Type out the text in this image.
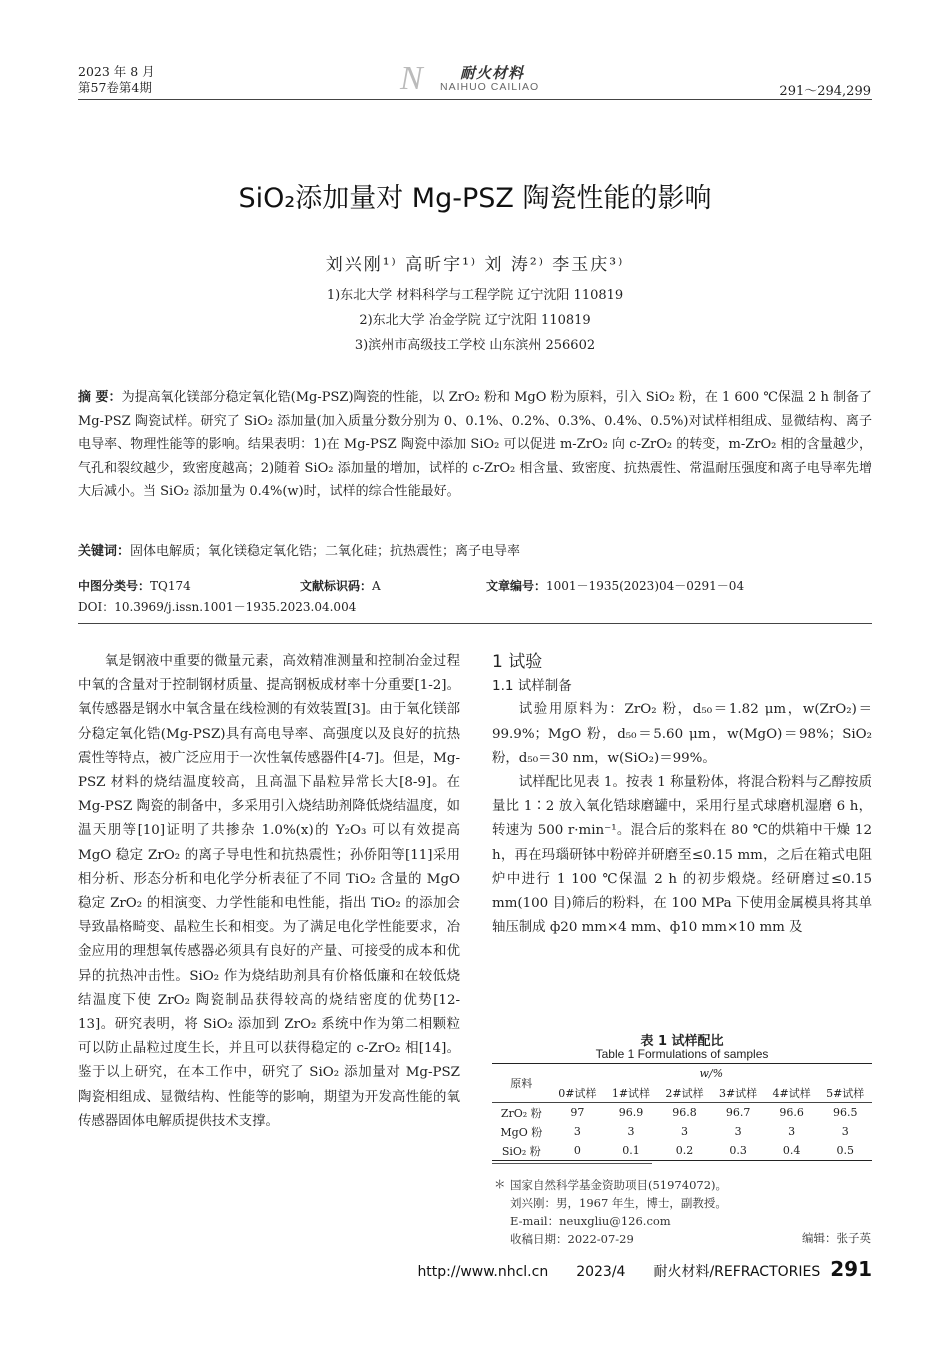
2023 年 8 月
第57卷第4期	N 耐火材料
NAIHUO CAILIAO	291～294,299
SiO₂添加量对 Mg-PSZ 陶瓷性能的影响
刘兴刚¹⁾ 高昕宇¹⁾ 刘 涛²⁾ 李玉庆³⁾
1)东北大学 材料科学与工程学院 辽宁沈阳 110819
2)东北大学 冶金学院 辽宁沈阳 110819
3)滨州市高级技工学校 山东滨州 256602
摘 要：为提高氧化镁部分稳定氧化锆(Mg-PSZ)陶瓷的性能，以 ZrO₂ 粉和 MgO 粉为原料，引入 SiO₂ 粉，在 1 600 ℃保温 2 h 制备了 Mg-PSZ 陶瓷试样。研究了 SiO₂ 添加量(加入质量分数分别为 0、0.1%、0.2%、0.3%、0.4%、0.5%)对试样相组成、显微结构、离子电导率、物理性能等的影响。结果表明：1)在 Mg-PSZ 陶瓷中添加 SiO₂ 可以促进 m-ZrO₂ 向 c-ZrO₂ 的转变，m-ZrO₂ 相的含量越少，气孔和裂纹越少，致密度越高；2)随着 SiO₂ 添加量的增加，试样的 c-ZrO₂ 相含量、致密度、抗热震性、常温耐压强度和离子电导率先增大后减小。当 SiO₂ 添加量为 0.4%(w)时，试样的综合性能最好。
关键词：固体电解质；氧化镁稳定氧化锆；二氧化硅；抗热震性；离子电导率
中图分类号：TQ174	文献标识码：A	文章编号：1001－1935(2023)04－0291－04
DOI：10.3969/j.issn.1001－1935.2023.04.004

氧是钢液中重要的微量元素，高效精准测量和控制冶金过程中氧的含量对于控制钢材质量、提高钢板成材率十分重要[1-2]。氧传感器是钢水中氧含量在线检测的有效装置[3]。由于氧化镁部分稳定氧化锆(Mg-PSZ)具有高电导率、高强度以及良好的抗热震性等特点，被广泛应用于一次性氧传感器件[4-7]。但是，Mg-PSZ 材料的烧结温度较高，且高温下晶粒异常长大[8-9]。在 Mg-PSZ 陶瓷的制备中，多采用引入烧结助剂降低烧结温度，如温天朋等[10]证明了共掺杂 1.0%(x)的 Y₂O₃ 可以有效提高 MgO 稳定 ZrO₂ 的离子导电性和抗热震性；孙侨阳等[11]采用相分析、形态分析和电化学分析表征了不同 TiO₂ 含量的 MgO 稳定 ZrO₂ 的相演变、力学性能和电性能，指出 TiO₂ 的添加会导致晶格畸变、晶粒生长和相变。为了满足电化学性能要求，冶金应用的理想氧传感器必须具有良好的产量、可接受的成本和优异的抗热冲击性。SiO₂ 作为烧结助剂具有价格低廉和在较低烧结温度下使 ZrO₂ 陶瓷制品获得较高的烧结密度的优势[12-13]。研究表明，将 SiO₂ 添加到 ZrO₂ 系统中作为第二相颗粒可以防止晶粒过度生长，并且可以获得稳定的 c-ZrO₂ 相[14]。鉴于以上研究，在本工作中，研究了 SiO₂ 添加量对 Mg-PSZ 陶瓷相组成、显微结构、性能等的影响，期望为开发高性能的氧传感器固体电解质提供技术支撑。

1 试验

1.1 试样制备

试验用原料为：ZrO₂ 粉，d₅₀＝1.82 μm，w(ZrO₂)＝99.9%；MgO 粉，d₅₀＝5.60 μm，w(MgO)＝98%；SiO₂ 粉，d₅₀＝30 nm，w(SiO₂)＝99%。

试样配比见表 1。按表 1 称量粉体，将混合粉料与乙醇按质量比 1∶2 放入氧化锆球磨罐中，采用行星式球磨机湿磨 6 h，转速为 500 r·min⁻¹。混合后的浆料在 80 ℃的烘箱中干燥 12 h，再在玛瑙研钵中粉碎并研磨至≤0.15 mm，之后在箱式电阻炉中进行 1 100 ℃保温 2 h 的初步煅烧。经研磨过≤0.15 mm(100 目)筛后的粉料，在 100 MPa 下使用金属模具将其单轴压制成 ф20 mm×4 mm、ф10 mm×10 mm 及

表 1 试样配比
Table 1 Formulations of samples
原料	w/%					
	0#试样	1#试样	2#试样	3#试样	4#试样	5#试样
ZrO₂ 粉	97	96.9	96.8	96.7	96.6	96.5
MgO 粉	3	3	3	3	3	3
SiO₂ 粉	0	0.1	0.2	0.3	0.4	0.5
＊ 国家自然科学基金资助项目(51974072)。
刘兴刚：男，1967 年生，博士，副教授。
E-mail：neuxgliu@126.com
收稿日期：2022-07-29	编辑：张子英
http://www.nhcl.cn 2023/4 耐火材料/REFRACTORIES 291
